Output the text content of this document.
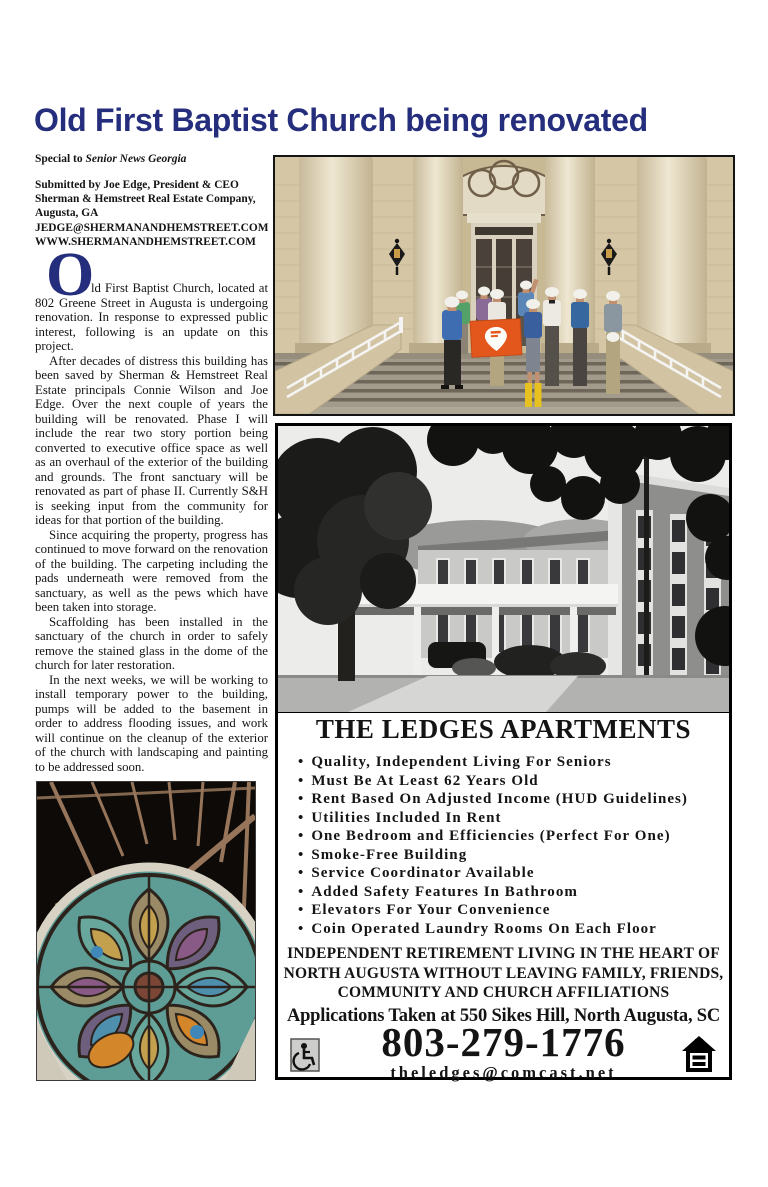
Old First Baptist Church being renovated
Special to Senior News Georgia
Submitted by Joe Edge, President & CEO
Sherman & Hemstreet Real Estate Company,
Augusta, GA
JEDGE@SHERMANANDHEMSTREET.COM
WWW.SHERMANANDHEMSTREET.COM
O

ld First Baptist Church, located at 802 Greene Street in Augusta is undergoing renovation. In response to expressed public interest, following is an update on this project.

After decades of distress this building has been saved by Sherman & Hemstreet Real Estate principals Connie Wilson and Joe Edge. Over the next couple of years the building will be renovated. Phase I will include the rear two story portion being converted to executive office space as well as an overhaul of the exterior of the building and grounds. The front sanctuary will be renovated as part of phase II. Currently S&H is seeking input from the community for ideas for that portion of the building.

Since acquiring the property, progress has continued to move forward on the renovation of the building. The carpeting including the pads underneath were removed from the sanctuary, as well as the pews which have been taken into storage.

Scaffolding has been installed in the sanctuary of the church in order to safely remove the stained glass in the dome of the church for later restoration.

In the next weeks, we will be working to install temporary power to the building, pumps will be added to the basement in order to address flooding issues, and work will continue on the cleanup of the exterior of the church with landscaping and painting to be addressed soon.

THE LEDGES APARTMENTS
• Quality, Independent Living For Seniors
• Must Be At Least 62 Years Old
• Rent Based On Adjusted Income (HUD Guidelines)
• Utilities Included In Rent
• One Bedroom and Efficiencies (Perfect For One)
• Smoke-Free Building
• Service Coordinator Available
• Added Safety Features In Bathroom
• Elevators For Your Convenience
• Coin Operated Laundry Rooms On Each Floor
INDEPENDENT RETIREMENT LIVING IN THE HEART OF
NORTH AUGUSTA WITHOUT LEAVING FAMILY, FRIENDS,
COMMUNITY AND CHURCH AFFILIATIONS
Applications Taken at 550 Sikes Hill, North Augusta, SC
803-279-1776
theledges@comcast.net
